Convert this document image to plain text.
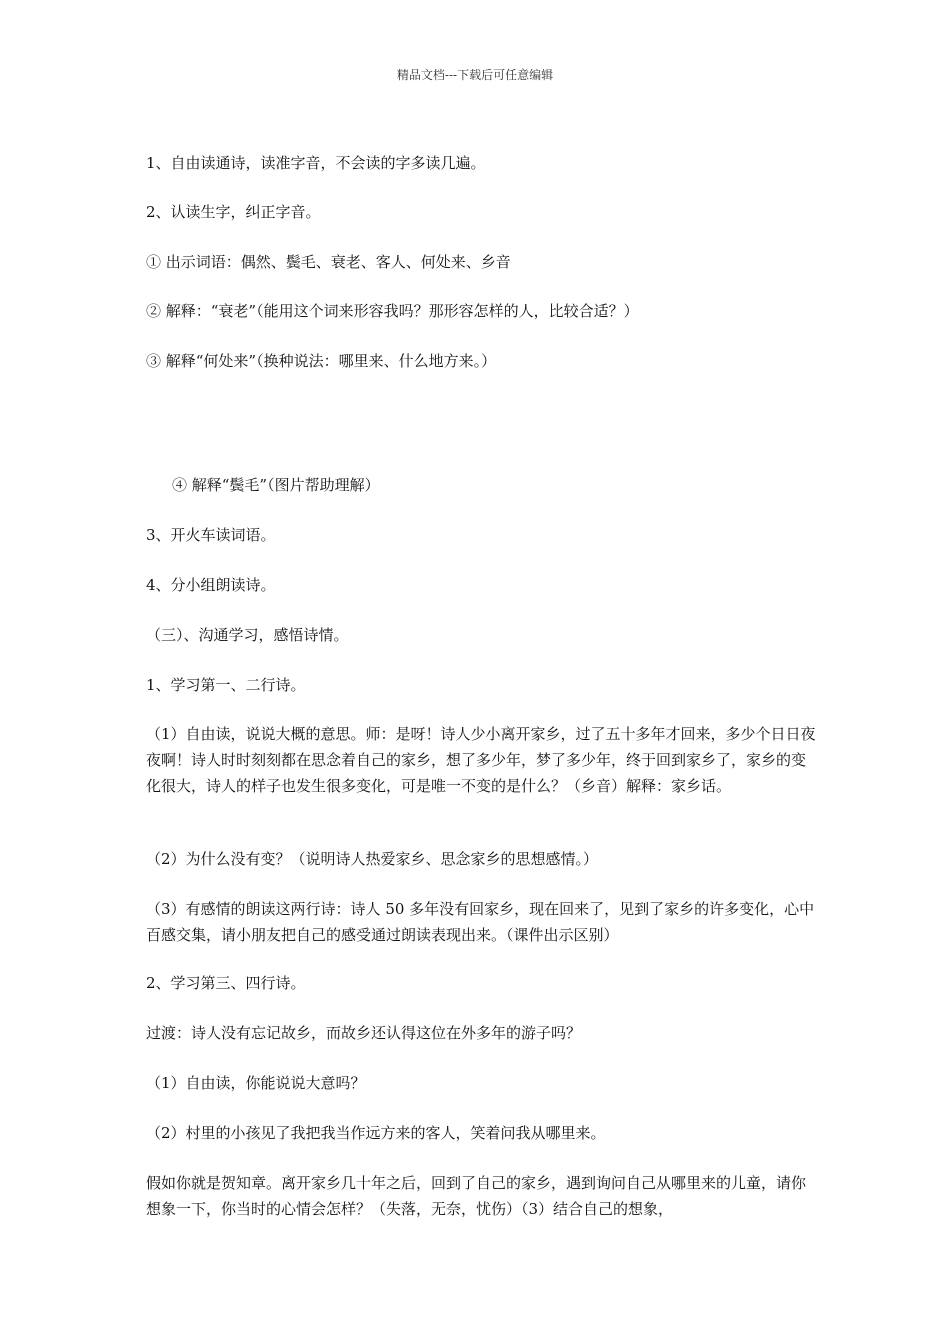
精品文档---下载后可任意编辑
1、自由读通诗，读准字音，不会读的字多读几遍。
2、认读生字，纠正字音。
① 出示词语：偶然、鬓毛、衰老、客人、何处来、乡音
② 解释：“衰老”（能用这个词来形容我吗？那形容怎样的人，比较合适？）
③ 解释“何处来”（换种说法：哪里来、什么地方来。）
④ 解释“鬓毛”（图片帮助理解）
3、开火车读词语。
4、分小组朗读诗。
（三）、沟通学习，感悟诗情。
1、学习第一、二行诗。
（1）自由读，说说大概的意思。师：是呀！诗人少小离开家乡，过了五十多年才回来，多少个日日夜夜啊！诗人时时刻刻都在思念着自己的家乡，想了多少年，梦了多少年，终于回到家乡了，家乡的变化很大，诗人的样子也发生很多变化，可是唯一不变的是什么？（乡音）解释：家乡话。
（2）为什么没有变？（说明诗人热爱家乡、思念家乡的思想感情。）
（3）有感情的朗读这两行诗：诗人 50 多年没有回家乡，现在回来了，见到了家乡的许多变化，心中百感交集，请小朋友把自己的感受通过朗读表现出来。（课件出示区别）
2、学习第三、四行诗。
过渡：诗人没有忘记故乡，而故乡还认得这位在外多年的游子吗？
（1）自由读，你能说说大意吗？
（2）村里的小孩见了我把我当作远方来的客人，笑着问我从哪里来。
假如你就是贺知章。离开家乡几十年之后，回到了自己的家乡，遇到询问自己从哪里来的儿童，请你想象一下，你当时的心情会怎样？（失落，无奈，忧伤）（3）结合自己的想象，
